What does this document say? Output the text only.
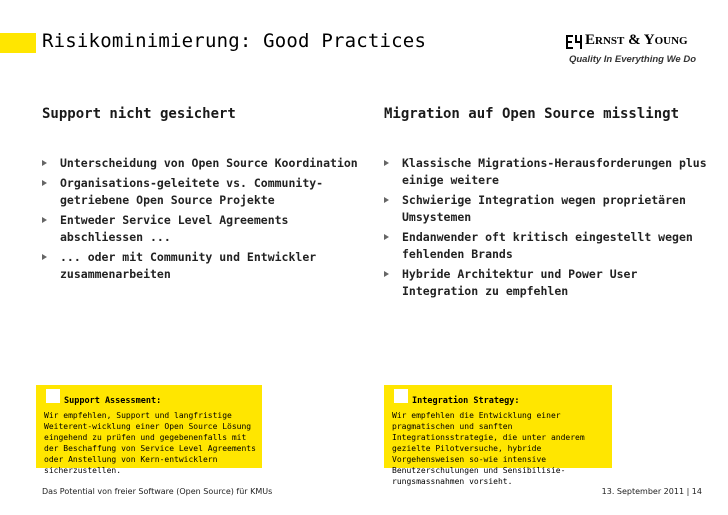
Risikominimierung: Good Practices	Ernst & Young
Quality In Everything We Do
Support nicht gesichert
Unterscheidung von Open Source Koordination
Organisations-geleitete vs. Community-getriebene Open Source Projekte
Entweder Service Level Agreements abschliessen ...
... oder mit Community und Entwickler zusammenarbeiten
Migration auf Open Source misslingt
Klassische Migrations-Herausforderungen plus einige weitere
Schwierige Integration wegen proprietären Umsystemen
Endanwender oft kritisch eingestellt wegen fehlenden Brands
Hybride Architektur und Power User Integration zu empfehlen
Support Assessment:
Wir empfehlen, Support und langfristige Weiterent-wicklung einer Open Source Lösung eingehend zu prüfen und gegebenenfalls mit der Beschaffung von Service Level Agreements oder Anstellung von Kern-entwicklern sicherzustellen.
Integration Strategy:
Wir empfehlen die Entwicklung einer pragmatischen und sanften Integrationsstrategie, die unter anderem gezielte Pilotversuche, hybride Vorgehensweisen so-wie intensive Benutzerschulungen und Sensibilisie-rungsmassnahmen vorsieht.
Das Potential von freier Software (Open Source) für KMUs	13. September 2011 | 14
